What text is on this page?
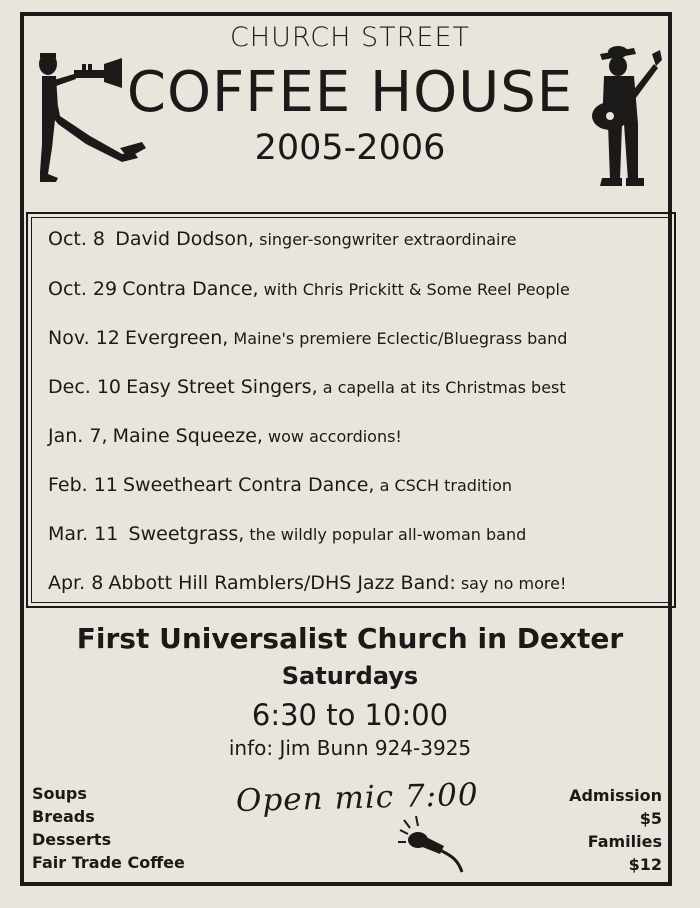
CHURCH STREET
COFFEE HOUSE
2005-2006
Oct. 8 David Dodson, singer-songwriter extraordinaire
Oct. 29 Contra Dance, with Chris Prickitt & Some Reel People
Nov. 12 Evergreen, Maine's premiere Eclectic/Bluegrass band
Dec. 10 Easy Street Singers, a capella at its Christmas best
Jan. 7, Maine Squeeze, wow accordions!
Feb. 11 Sweetheart Contra Dance, a CSCH tradition
Mar. 11 Sweetgrass, the wildly popular all-woman band
Apr. 8 Abbott Hill Ramblers/DHS Jazz Band: say no more!
First Universalist Church in Dexter
Saturdays
6:30 to 10:00
info: Jim Bunn 924-3925
Soups
Breads
Desserts
Fair Trade Coffee
Open mic 7:00	Admission
$5
Families
$12
